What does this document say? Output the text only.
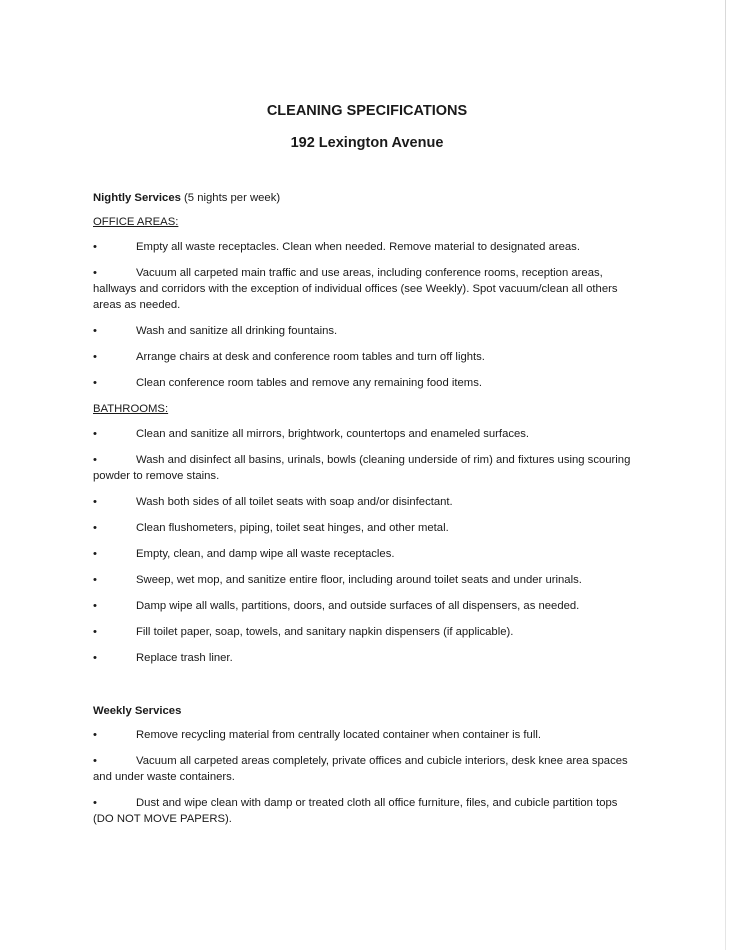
CLEANING SPECIFICATIONS
192 Lexington Avenue
Nightly Services (5 nights per week)
OFFICE AREAS:
•	Empty all waste receptacles. Clean when needed. Remove material to designated areas.
•	Vacuum all carpeted main traffic and use areas, including conference rooms, reception areas, hallways and corridors with the exception of individual offices (see Weekly). Spot vacuum/clean all others areas as needed.
•	Wash and sanitize all drinking fountains.
•	Arrange chairs at desk and conference room tables and turn off lights.
•	Clean conference room tables and remove any remaining food items.
BATHROOMS:
•	Clean and sanitize all mirrors, brightwork, countertops and enameled surfaces.
•	Wash and disinfect all basins, urinals, bowls (cleaning underside of rim) and fixtures using scouring powder to remove stains.
•	Wash both sides of all toilet seats with soap and/or disinfectant.
•	Clean flushometers, piping, toilet seat hinges, and other metal.
•	Empty, clean, and damp wipe all waste receptacles.
•	Sweep, wet mop, and sanitize entire floor, including around toilet seats and under urinals.
•	Damp wipe all walls, partitions, doors, and outside surfaces of all dispensers, as needed.
•	Fill toilet paper, soap, towels, and sanitary napkin dispensers (if applicable).
•	Replace trash liner.
Weekly Services
•	Remove recycling material from centrally located container when container is full.
•	Vacuum all carpeted areas completely, private offices and cubicle interiors, desk knee area spaces and under waste containers.
•	Dust and wipe clean with damp or treated cloth all office furniture, files, and cubicle partition tops (DO NOT MOVE PAPERS).
